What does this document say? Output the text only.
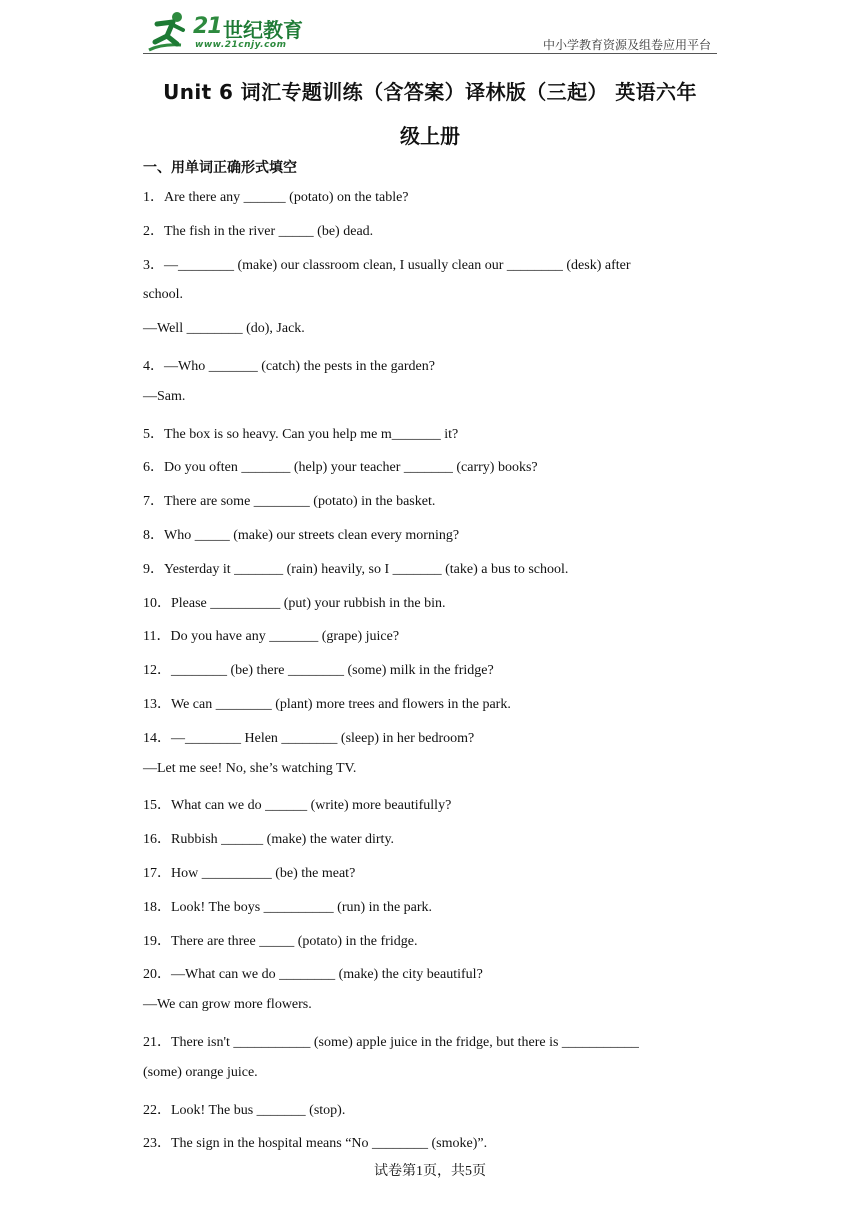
21 世纪教育
www.21cnjy.com	中小学教育资源及组卷应用平台
Unit 6 词汇专题训练（含答案）译林版（三起） 英语六年
级上册
一、用单词正确形式填空
1．Are there any ______ (potato) on the table?
2．The fish in the river _____ (be) dead.
3．—________ (make) our classroom clean, I usually clean our ________ (desk) after
school.
—Well ________ (do), Jack.
4．—Who _______ (catch) the pests in the garden?
—Sam.
5．The box is so heavy. Can you help me m_______ it?
6．Do you often _______ (help) your teacher _______ (carry) books?
7．There are some ________ (potato) in the basket.
8．Who _____ (make) our streets clean every morning?
9．Yesterday it _______ (rain) heavily, so I _______ (take) a bus to school.
10．Please __________ (put) your rubbish in the bin.
11．Do you have any _______ (grape) juice?
12．________ (be) there ________ (some) milk in the fridge?
13．We can ________ (plant) more trees and flowers in the park.
14．—________ Helen ________ (sleep) in her bedroom?
—Let me see! No, she’s watching TV.
15．What can we do ______ (write) more beautifully?
16．Rubbish ______ (make) the water dirty.
17．How __________ (be) the meat?
18．Look! The boys __________ (run) in the park.
19．There are three _____ (potato) in the fridge.
20．—What can we do ________ (make) the city beautiful?
—We can grow more flowers.
21．There isn't ___________ (some) apple juice in the fridge, but there is ___________
(some) orange juice.
22．Look! The bus _______ (stop).
23．The sign in the hospital means “No ________ (smoke)”.
试卷第1页，共5页
